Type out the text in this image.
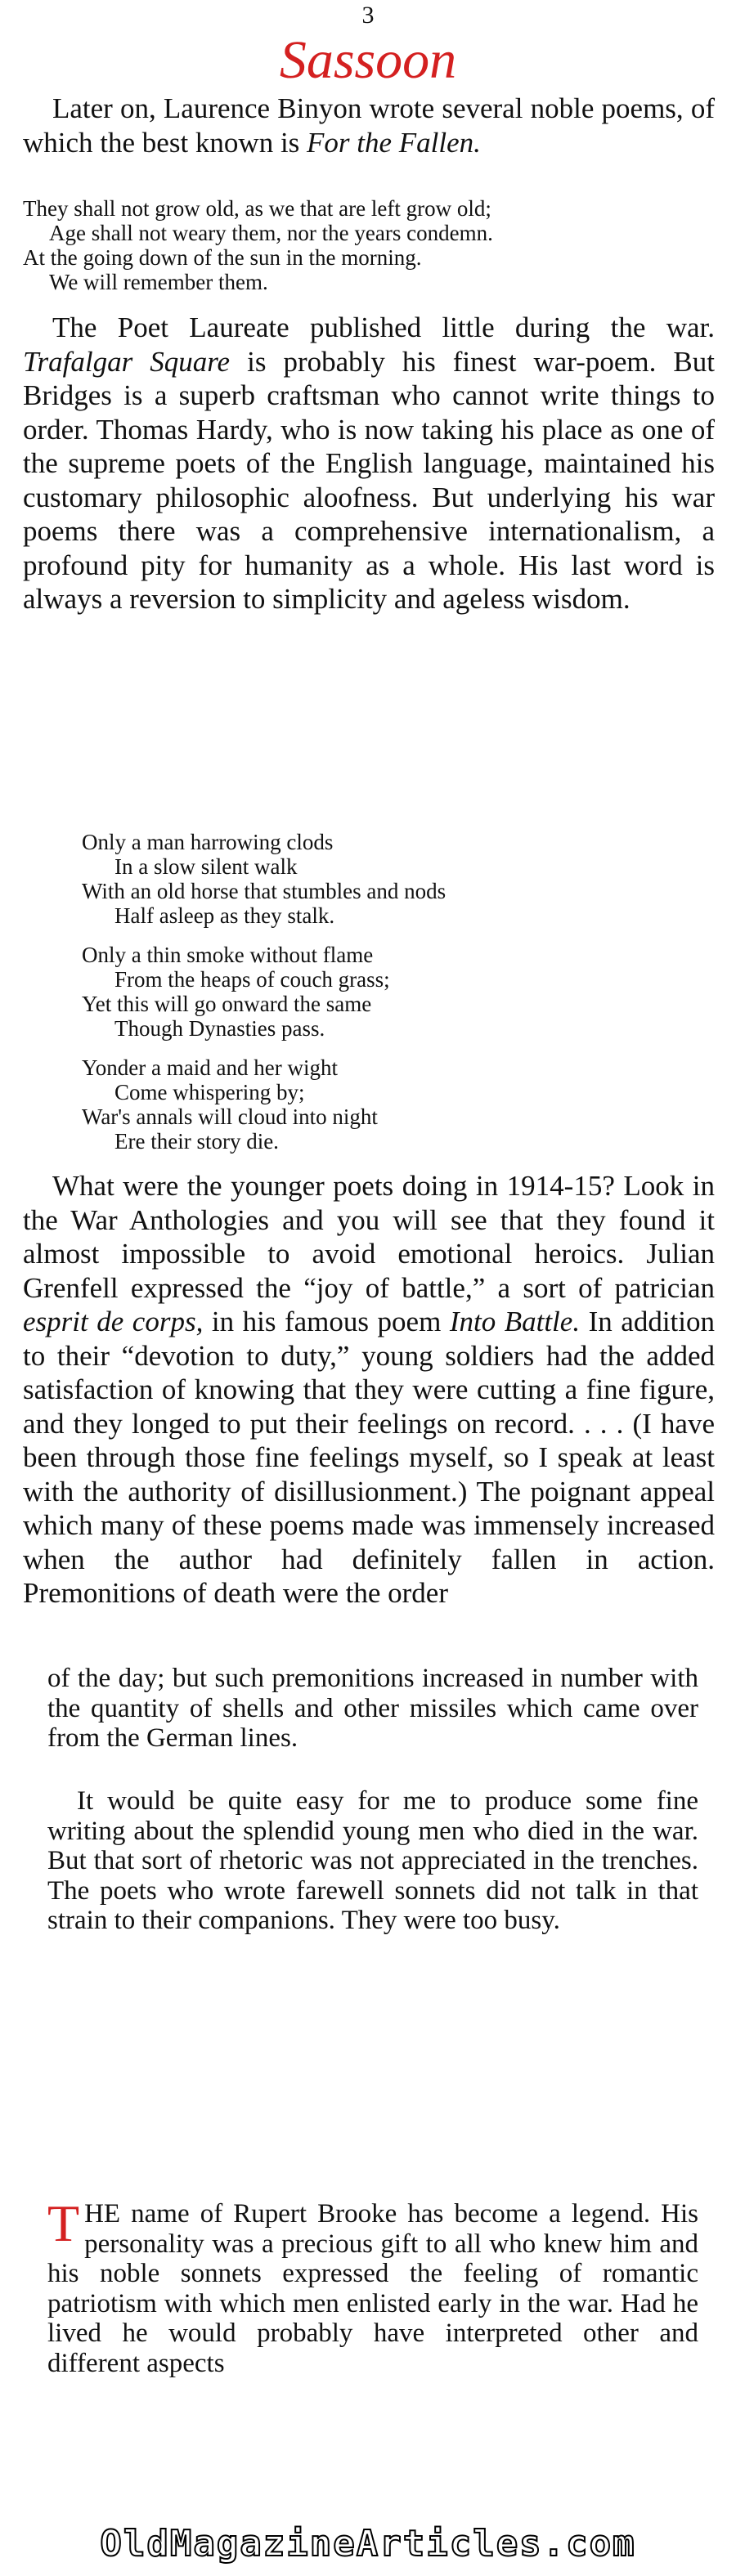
3
Sassoon

Later on, Laurence Binyon wrote several noble poems, of which the best known is For the Fallen.

They shall not grow old, as we that are left grow old;
Age shall not weary them, nor the years condemn.
At the going down of the sun in the morning.
We will remember them.

The Poet Laureate published little during the war. Trafalgar Square is probably his finest war-poem. But Bridges is a superb craftsman who cannot write things to order. Thomas Hardy, who is now taking his place as one of the supreme poets of the English language, maintained his customary philosophic aloofness. But underlying his war poems there was a comprehensive internationalism, a profound pity for humanity as a whole. His last word is always a reversion to simplicity and ageless wisdom.

Only a man harrowing clods
In a slow silent walk
With an old horse that stumbles and nods
Half asleep as they stalk.
Only a thin smoke without flame
From the heaps of couch grass;
Yet this will go onward the same
Though Dynasties pass.
Yonder a maid and her wight
Come whispering by;
War's annals will cloud into night
Ere their story die.

What were the younger poets doing in 1914-15? Look in the War Anthologies and you will see that they found it almost impossible to avoid emotional heroics. Julian Grenfell expressed the “joy of battle,” a sort of patrician esprit de corps, in his famous poem Into Battle. In addition to their “devotion to duty,” young soldiers had the added satisfaction of knowing that they were cutting a fine figure, and they longed to put their feelings on record. . . . (I have been through those fine feelings myself, so I speak at least with the authority of disillusionment.) The poignant appeal which many of these poems made was immensely increased when the author had definitely fallen in action. Premonitions of death were the order

of the day; but such premonitions increased in number with the quantity of shells and other missiles which came over from the German lines.

It would be quite easy for me to produce some fine writing about the splendid young men who died in the war. But that sort of rhetoric was not appreciated in the trenches. The poets who wrote farewell sonnets did not talk in that strain to their companions. They were too busy.

THE name of Rupert Brooke has become a legend. His personality was a precious gift to all who knew him and his noble sonnets expressed the feeling of romantic patriotism with which men enlisted early in the war. Had he lived he would probably have interpreted other and different aspects

OldMagazineArticles.com
